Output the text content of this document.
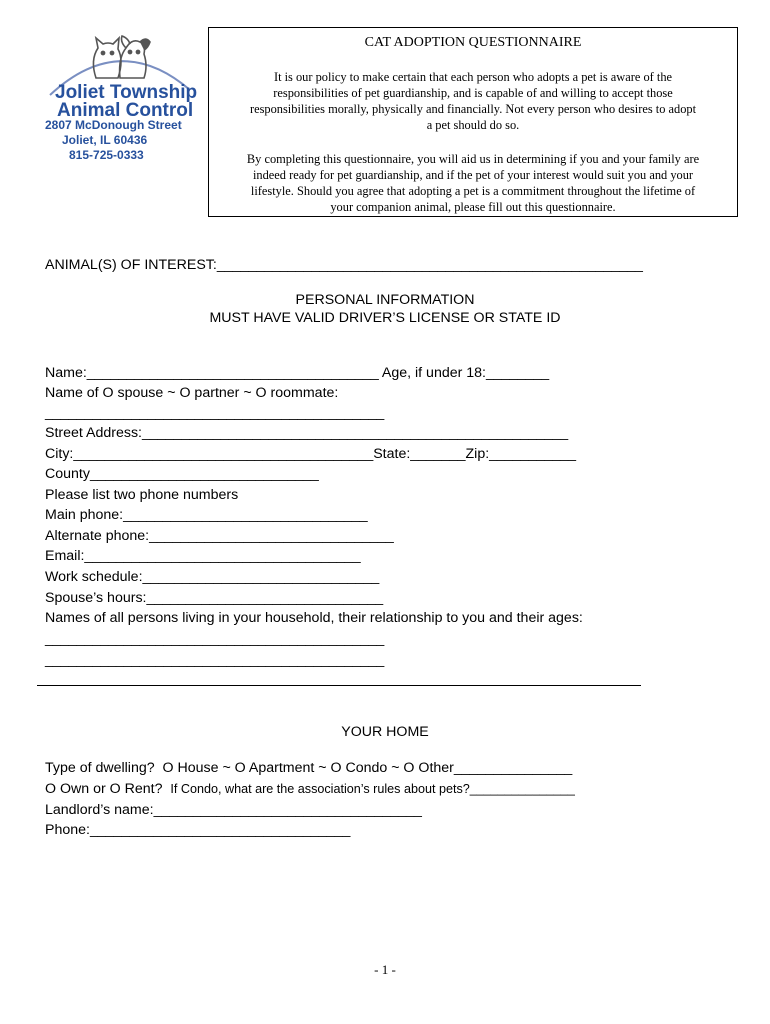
Joliet Township
Animal Control
2807 McDonough Street
Joliet, IL 60436
815-725-0333
CAT ADOPTION QUESTIONNAIRE
It is our policy to make certain that each person who adopts a pet is aware of the
responsibilities of pet guardianship, and is capable of and willing to accept those
responsibilities morally, physically and financially. Not every person who desires to adopt
a pet should do so.
By completing this questionnaire, you will aid us in determining if you and your family are
indeed ready for pet guardianship, and if the pet of your interest would suit you and your
lifestyle. Should you agree that adopting a pet is a commitment throughout the lifetime of
your companion animal, please fill out this questionnaire.
ANIMAL(S) OF INTEREST:______________________________________________________
PERSONAL INFORMATION
MUST HAVE VALID DRIVER’S LICENSE OR STATE ID
Name:_____________________________________ Age, if under 18:________
Name of O spouse ~ O partner ~ O roommate:
___________________________________________
Street Address:______________________________________________________
City:______________________________________State:_______Zip:___________
County_____________________________
Please list two phone numbers
Main phone:_______________________________
Alternate phone:_______________________________
Email:___________________________________
Work schedule:______________________________
Spouse’s hours:______________________________
Names of all persons living in your household, their relationship to you and their ages:
___________________________________________
___________________________________________
YOUR HOME
Type of dwelling?  O House ~ O Apartment ~ O Condo ~ O Other_______________
O Own or O Rent? If Condo, what are the association’s rules about pets?_______________
Landlord’s name:__________________________________
Phone:_________________________________
- 1 -
